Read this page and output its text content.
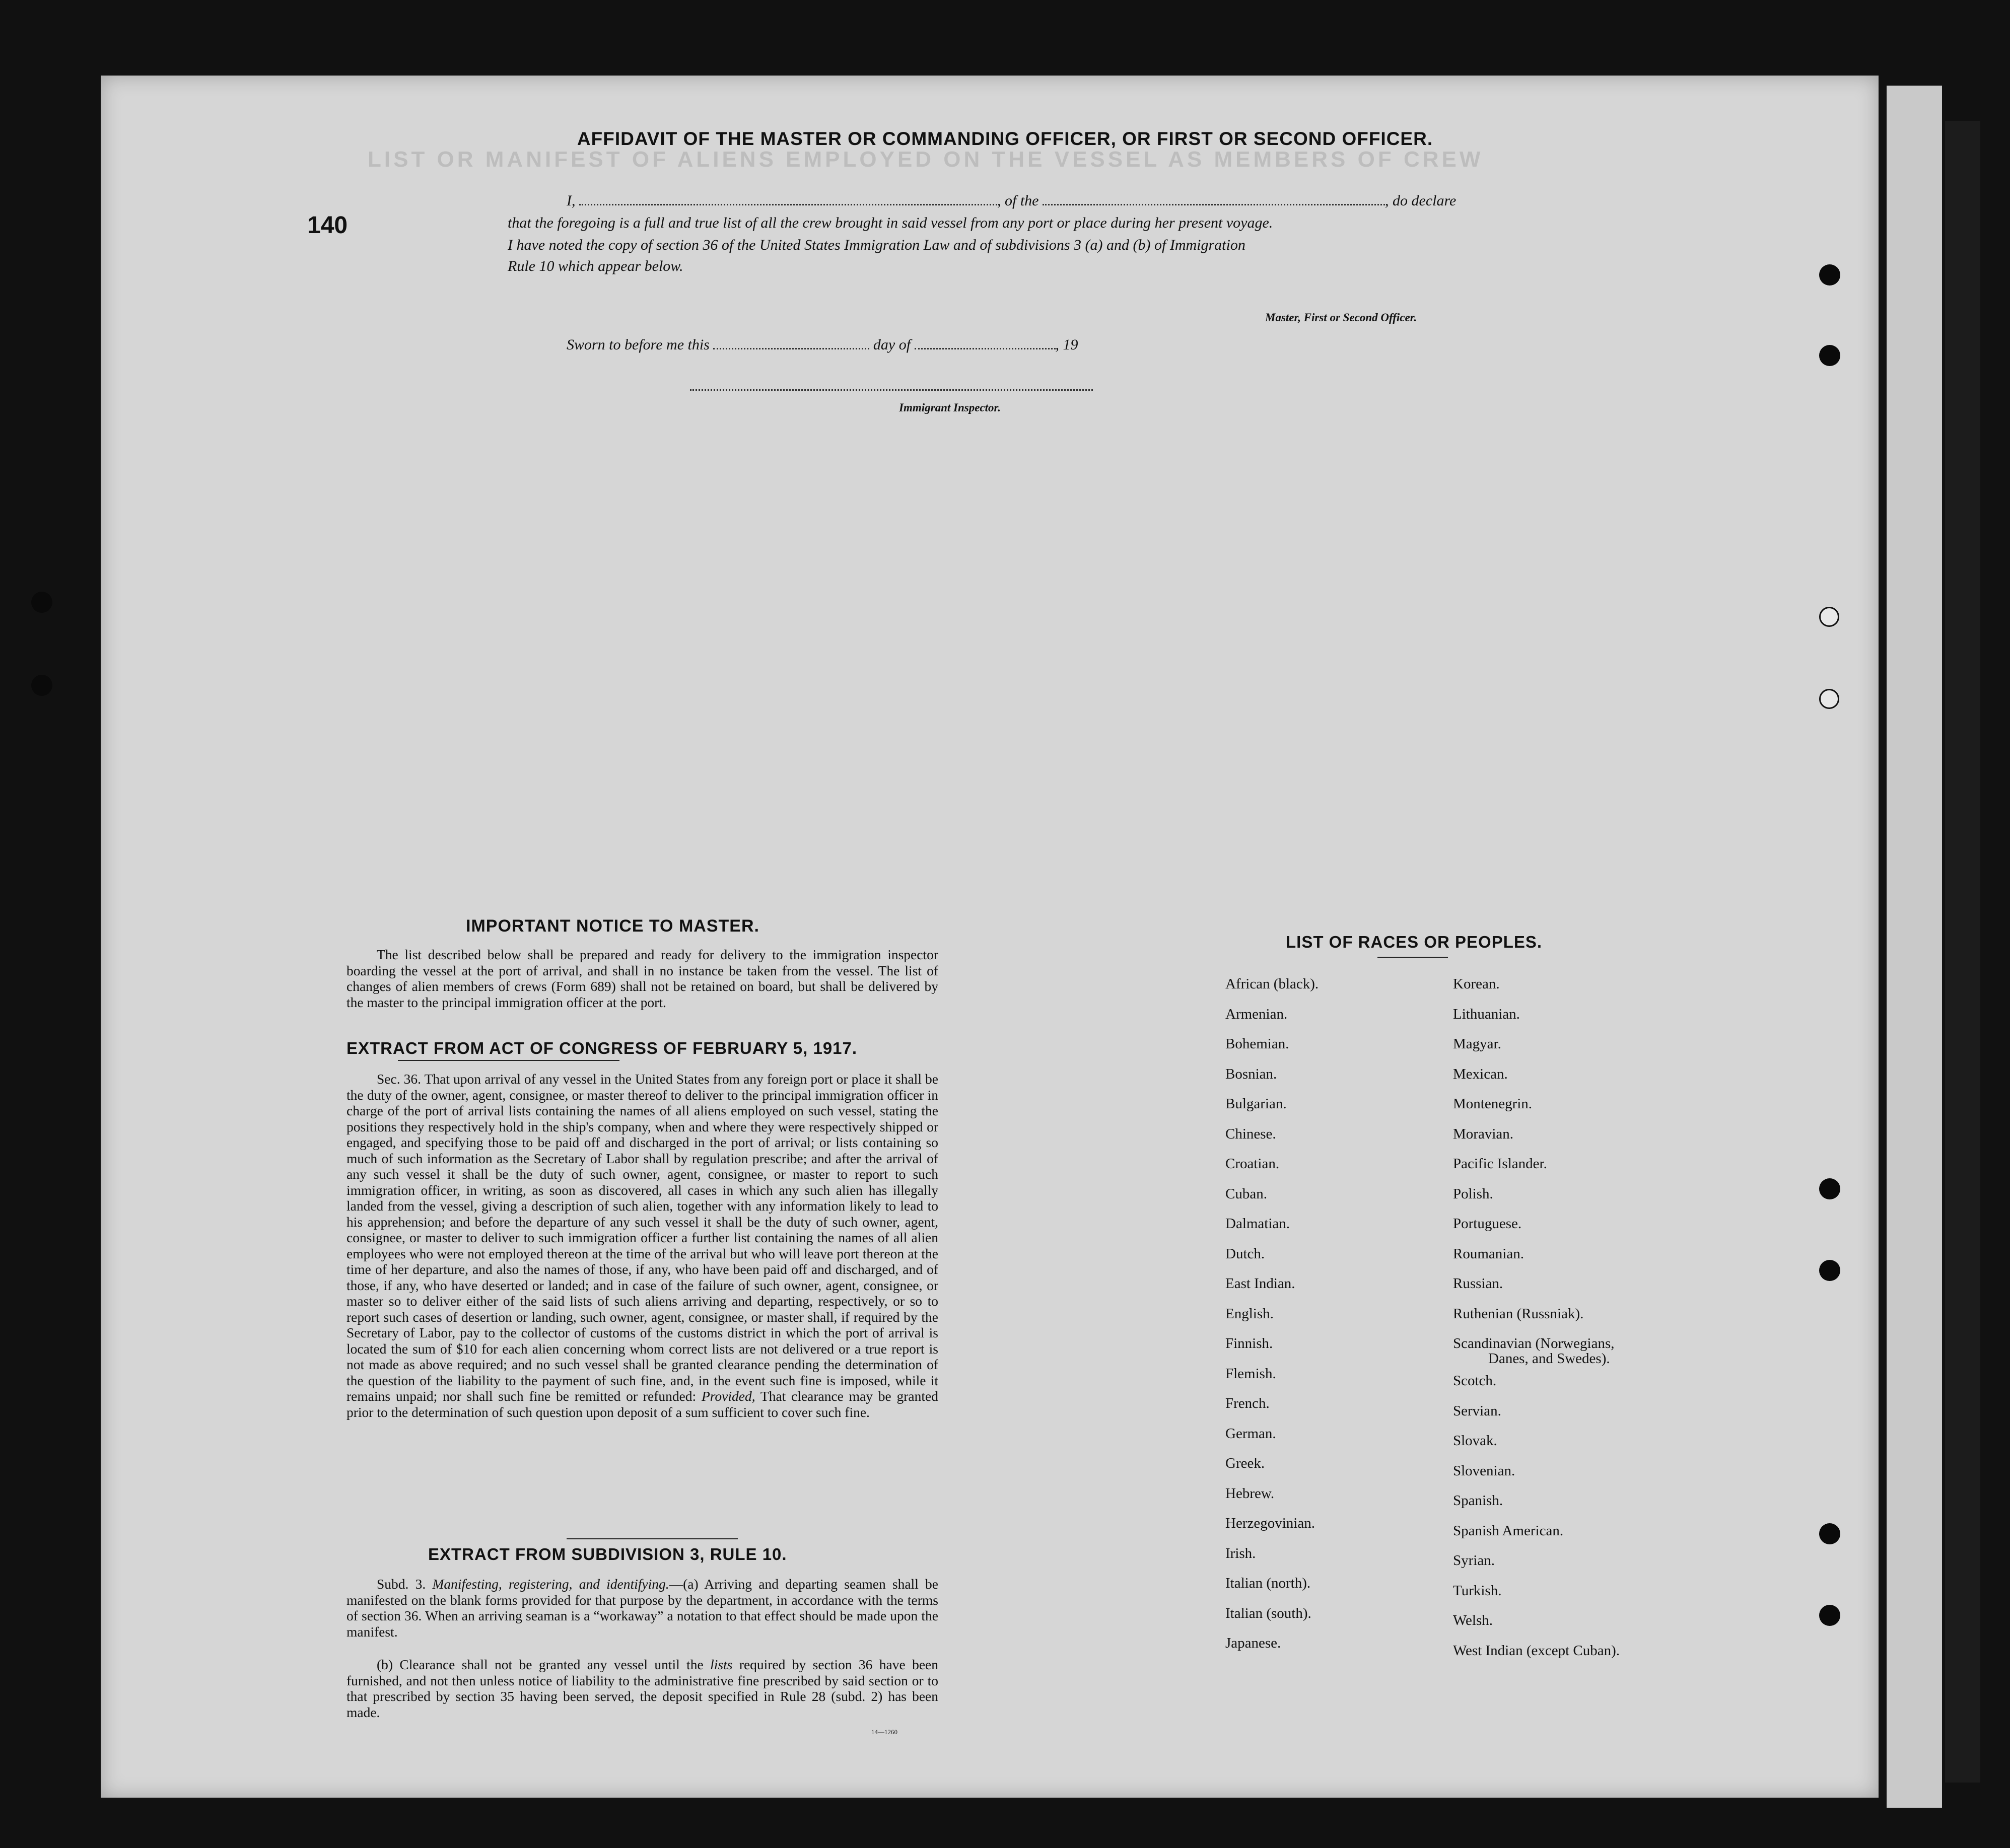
LIST OR MANIFEST OF ALIENS EMPLOYED ON THE VESSEL AS MEMBERS OF CREW
AFFIDAVIT OF THE MASTER OR COMMANDING OFFICER, OR FIRST OR SECOND OFFICER.
140
I,	, of the	, do declare
that the foregoing is a full and true list of all the crew brought in said vessel from any port or place during her present voyage.
I have noted the copy of section 36 of the United States Immigration Law and of subdivisions 3 (a) and (b) of Immigration
Rule 10 which appear below.
Master, First or Second Officer.
Sworn to before me this	day of	, 19
Immigrant Inspector.
IMPORTANT NOTICE TO MASTER.
The list described below shall be prepared and ready for delivery to the immigration inspector boarding the vessel at the port of arrival, and shall in no instance be taken from the vessel. The list of changes of alien members of crews (Form 689) shall not be retained on board, but shall be delivered by the master to the principal immigration officer at the port.
EXTRACT FROM ACT OF CONGRESS OF FEBRUARY 5, 1917.
Sec. 36. That upon arrival of any vessel in the United States from any foreign port or place it shall be the duty of the owner, agent, consignee, or master thereof to deliver to the principal immigration officer in charge of the port of arrival lists containing the names of all aliens employed on such vessel, stating the positions they respectively hold in the ship's company, when and where they were respectively shipped or engaged, and specifying those to be paid off and discharged in the port of arrival; or lists containing so much of such information as the Secretary of Labor shall by regulation prescribe; and after the arrival of any such vessel it shall be the duty of such owner, agent, consignee, or master to report to such immigration officer, in writing, as soon as discovered, all cases in which any such alien has illegally landed from the vessel, giving a description of such alien, together with any information likely to lead to his apprehension; and before the departure of any such vessel it shall be the duty of such owner, agent, consignee, or master to deliver to such immigration officer a further list containing the names of all alien employees who were not employed thereon at the time of the arrival but who will leave port thereon at the time of her departure, and also the names of those, if any, who have been paid off and discharged, and of those, if any, who have deserted or landed; and in case of the failure of such owner, agent, consignee, or master so to deliver either of the said lists of such aliens arriving and departing, respectively, or so to report such cases of desertion or landing, such owner, agent, consignee, or master shall, if required by the Secretary of Labor, pay to the collector of customs of the customs district in which the port of arrival is located the sum of $10 for each alien concerning whom correct lists are not delivered or a true report is not made as above required; and no such vessel shall be granted clearance pending the determination of the question of the liability to the payment of such fine, and, in the event such fine is imposed, while it remains unpaid; nor shall such fine be remitted or refunded: Provided, That clearance may be granted prior to the determination of such question upon deposit of a sum sufficient to cover such fine.
EXTRACT FROM SUBDIVISION 3, RULE 10.
Subd. 3. Manifesting, registering, and identifying.—(a) Arriving and departing seamen shall be manifested on the blank forms provided for that purpose by the department, in accordance with the terms of section 36. When an arriving seaman is a “workaway” a notation to that effect should be made upon the manifest.
(b) Clearance shall not be granted any vessel until the lists required by section 36 have been furnished, and not then unless notice of liability to the administrative fine prescribed by said section or to that prescribed by section 35 having been served, the deposit specified in Rule 28 (subd. 2) has been made.
14—1260
LIST OF RACES OR PEOPLES.
African (black).
Armenian.
Bohemian.
Bosnian.
Bulgarian.
Chinese.
Croatian.
Cuban.
Dalmatian.
Dutch.
East Indian.
English.
Finnish.
Flemish.
French.
German.
Greek.
Hebrew.
Herzegovinian.
Irish.
Italian (north).
Italian (south).
Japanese.
Korean.
Lithuanian.
Magyar.
Mexican.
Montenegrin.
Moravian.
Pacific Islander.
Polish.
Portuguese.
Roumanian.
Russian.
Ruthenian (Russniak).
Scandinavian (Norwegians,
Danes, and Swedes).
Scotch.
Servian.
Slovak.
Slovenian.
Spanish.
Spanish American.
Syrian.
Turkish.
Welsh.
West Indian (except Cuban).
